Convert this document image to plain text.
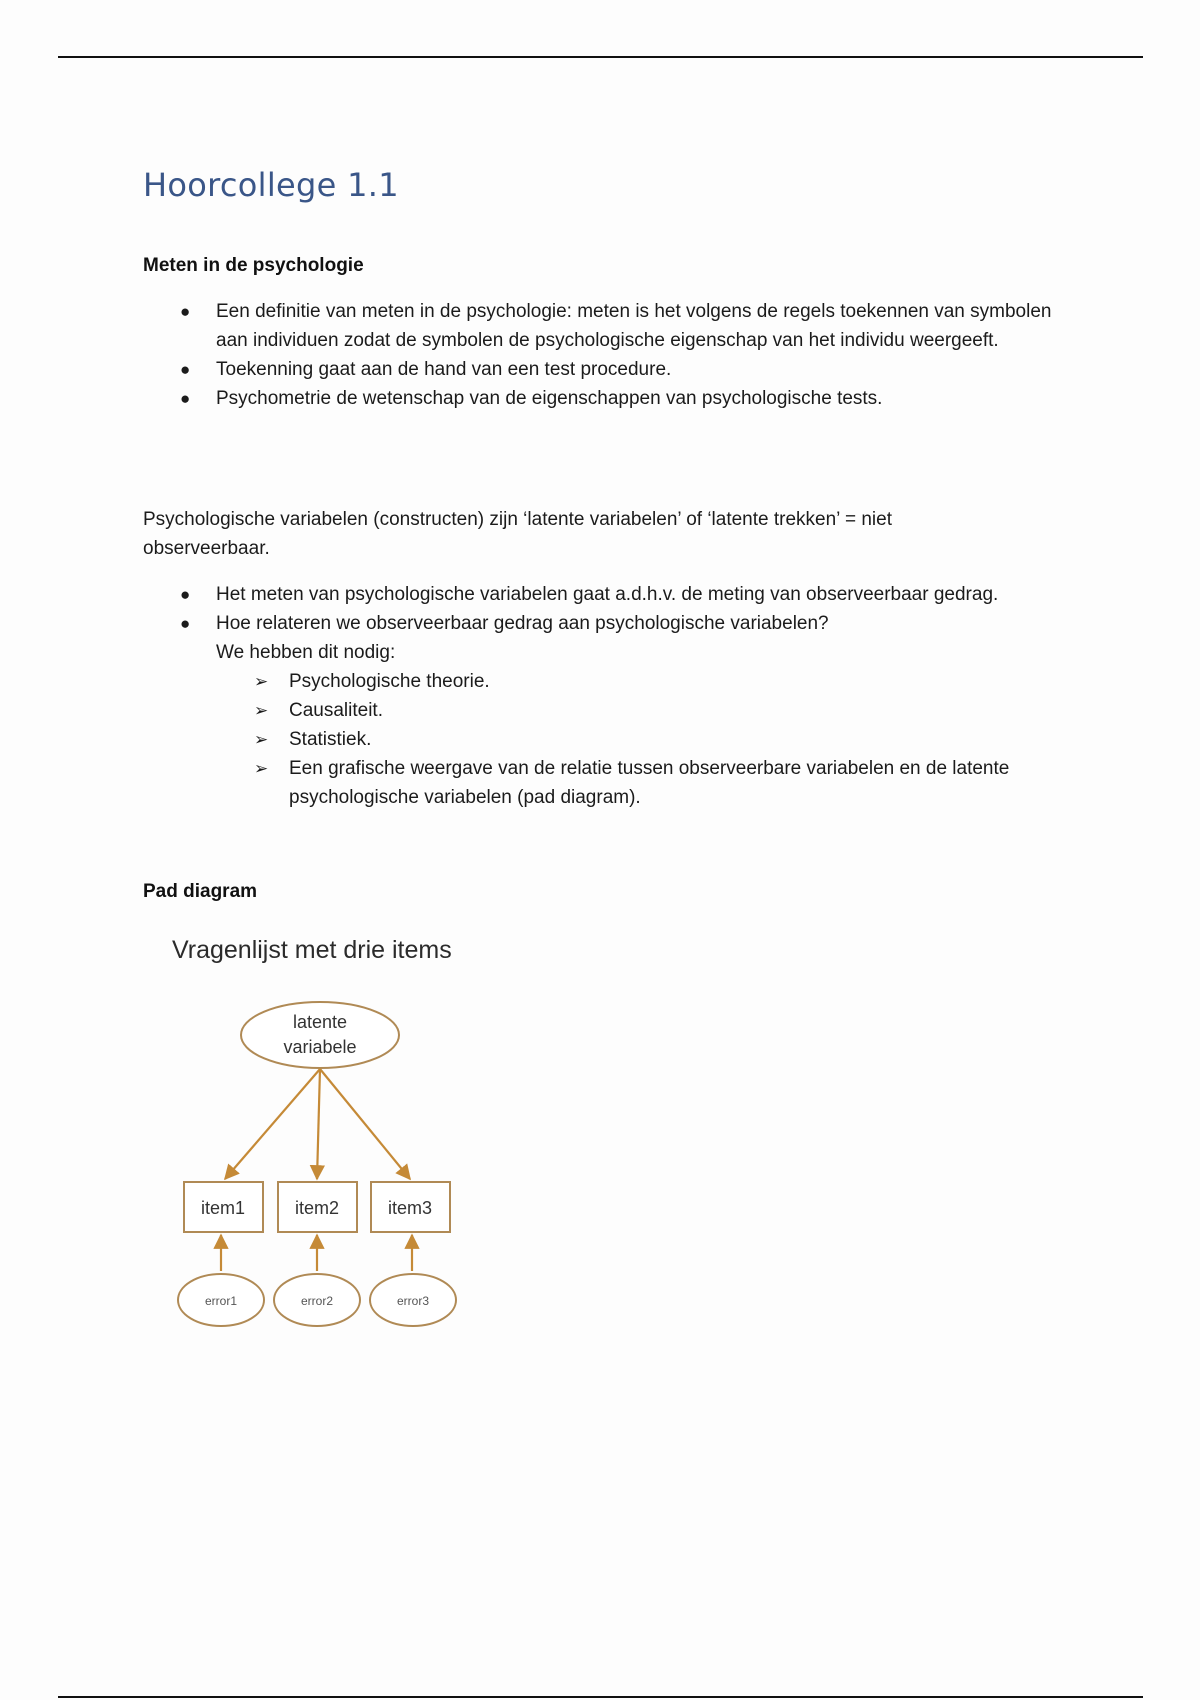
Hoorcollege 1.1
Meten in de psychologie
● Een definitie van meten in de psychologie: meten is het volgens de regels toekennen van symbolen aan individuen zodat de symbolen de psychologische eigenschap van het individu weergeeft.
● Toekenning gaat aan de hand van een test procedure.
● Psychometrie de wetenschap van de eigenschappen van psychologische tests.

Psychologische variabelen (constructen) zijn ‘latente variabelen’ of ‘latente trekken’ = niet observeerbaar.

● Het meten van psychologische variabelen gaat a.d.h.v. de meting van observeerbaar gedrag.
● Hoe relateren we observeerbaar gedrag aan psychologische variabelen?
We hebben dit nodig:
➢ Psychologische theorie.
➢ Causaliteit.
➢ Statistiek.
➢ Een grafische weergave van de relatie tussen observeerbare variabelen en de latente psychologische variabelen (pad diagram).
Pad diagram

Vragenlijst met drie items

latente
variabele
item1	item2	item3
error1	error2	error3
